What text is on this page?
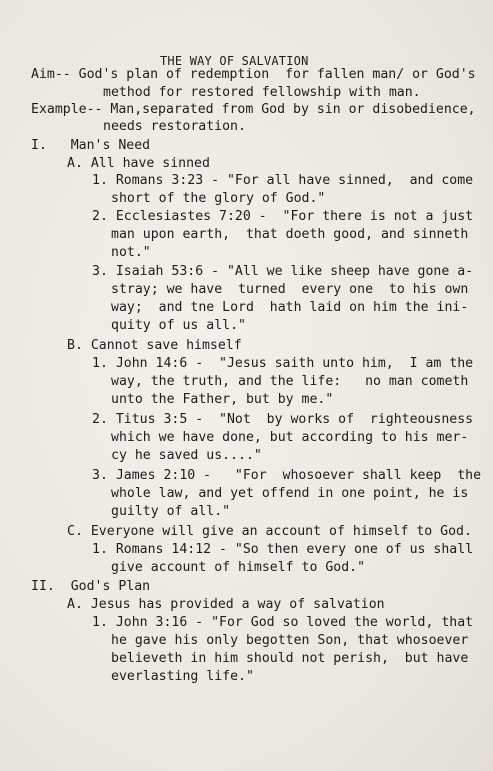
THE WAY OF SALVATION
Aim-- God's plan of redemption  for fallen man/ or God's
method for restored fellowship with man.
Example-- Man,separated from God by sin or disobedience,
needs restoration.
I.   Man's Need
A. All have sinned
1. Romans 3:23 - "For all have sinned,  and come
short of the glory of God."
2. Ecclesiastes 7:20 -  "For there is not a just
man upon earth,  that doeth good, and sinneth
not."
3. Isaiah 53:6 - "All we like sheep have gone a-
stray; we have  turned  every one  to his own
way;  and tne Lord  hath laid on him the ini-
quity of us all."
B. Cannot save himself
1. John 14:6 -  "Jesus saith unto him,  I am the
way, the truth, and the life:   no man cometh
unto the Father, but by me."
2. Titus 3:5 -  "Not  by works of  righteousness
which we have done, but according to his mer-
cy he saved us...."
3. James 2:10 -   "For  whosoever shall keep  the
whole law, and yet offend in one point, he is
guilty of all."
C. Everyone will give an account of himself to God.
1. Romans 14:12 - "So then every one of us shall
give account of himself to God."
II.  God's Plan
A. Jesus has provided a way of salvation
1. John 3:16 - "For God so loved the world, that
he gave his only begotten Son, that whosoever
believeth in him should not perish,  but have
everlasting life."
